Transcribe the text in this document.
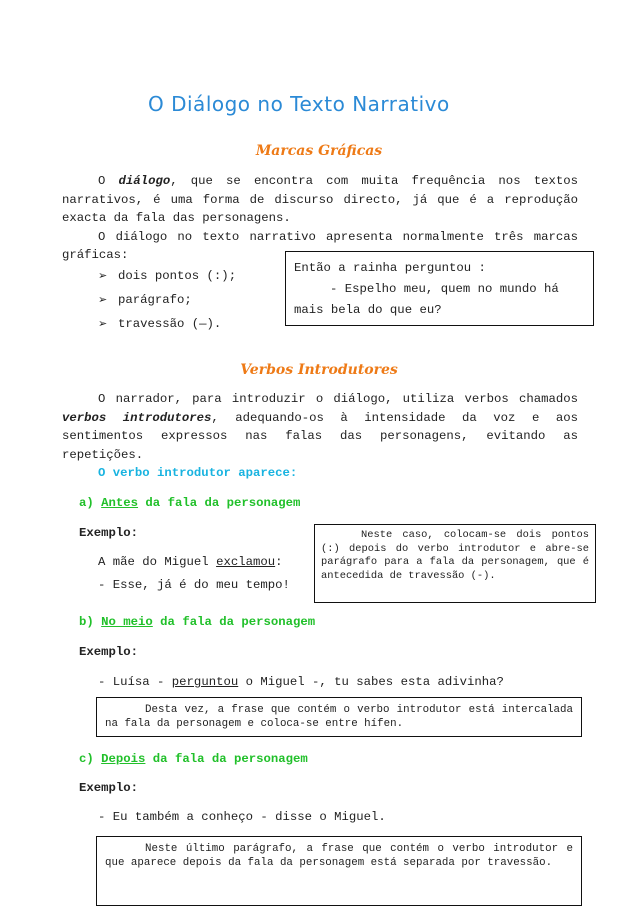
O Diálogo no Texto Narrativo
Marcas Gráficas

O diálogo, que se encontra com muita frequência nos textos narrativos, é uma forma de discurso directo, já que é a reprodução exacta da fala das personagens.

O diálogo no texto narrativo apresenta normalmente três marcas gráficas:

➢ dois pontos (:);
➢ parágrafo;
➢ travessão (—).
Então a rainha perguntou :
- Espelho meu, quem no mundo há
mais bela do que eu?
Verbos Introdutores

O narrador, para introduzir o diálogo, utiliza verbos chamados verbos introdutores, adequando-os à intensidade da voz e aos sentimentos expressos nas falas das personagens, evitando as repetições.

O verbo introdutor aparece:
a) Antes da fala da personagem
Exemplo:
A mãe do Miguel exclamou:
- Esse, já é do meu tempo!

Neste caso, colocam-se dois pontos (:) depois do verbo introdutor e abre-se parágrafo para a fala da personagem, que é antecedida de travessão (-).

b) No meio da fala da personagem
Exemplo:
- Luísa - perguntou o Miguel -, tu sabes esta adivinha?

Desta vez, a frase que contém o verbo introdutor está intercalada na fala da personagem e coloca-se entre hífen.

c) Depois da fala da personagem
Exemplo:
- Eu também a conheço - disse o Miguel.

Neste último parágrafo, a frase que contém o verbo introdutor e que aparece depois da fala da personagem está separada por travessão.
